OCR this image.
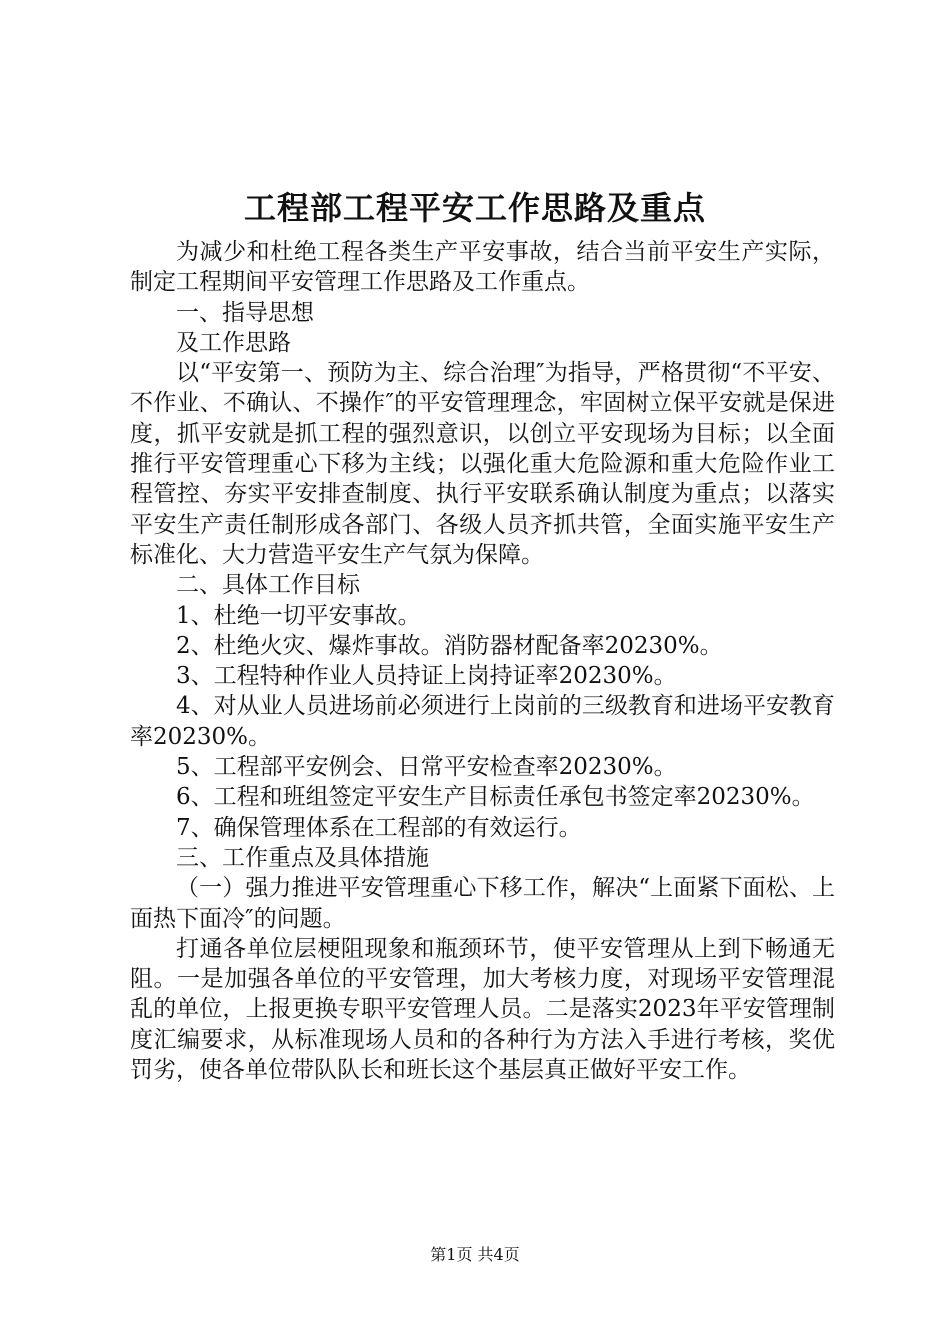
工程部工程平安工作思路及重点

为减少和杜绝工程各类生产平安事故，结合当前平安生产实际，制定工程期间平安管理工作思路及工作重点。

一、指导思想

及工作思路

以“平安第一、预防为主、综合治理″为指导，严格贯彻“不平安、不作业、不确认、不操作″的平安管理理念，牢固树立保平安就是保进度，抓平安就是抓工程的强烈意识，以创立平安现场为目标；以全面推行平安管理重心下移为主线；以强化重大危险源和重大危险作业工程管控、夯实平安排查制度、执行平安联系确认制度为重点；以落实平安生产责任制形成各部门、各级人员齐抓共管，全面实施平安生产标准化、大力营造平安生产气氛为保障。

二、具体工作目标

1、杜绝一切平安事故。

2、杜绝火灾、爆炸事故。消防器材配备率20230%。

3、工程特种作业人员持证上岗持证率20230%。

4、对从业人员进场前必须进行上岗前的三级教育和进场平安教育率20230%。

5、工程部平安例会、日常平安检查率20230%。

6、工程和班组签定平安生产目标责任承包书签定率20230%。

7、确保管理体系在工程部的有效运行。

三、工作重点及具体措施

（一）强力推进平安管理重心下移工作，解决“上面紧下面松、上面热下面冷″的问题。

打通各单位层梗阻现象和瓶颈环节，使平安管理从上到下畅通无阻。一是加强各单位的平安管理，加大考核力度，对现场平安管理混乱的单位，上报更换专职平安管理人员。二是落实2023年平安管理制度汇编要求，从标准现场人员和的各种行为方法入手进行考核，奖优罚劣，使各单位带队队长和班长这个基层真正做好平安工作。

第1页 共4页
